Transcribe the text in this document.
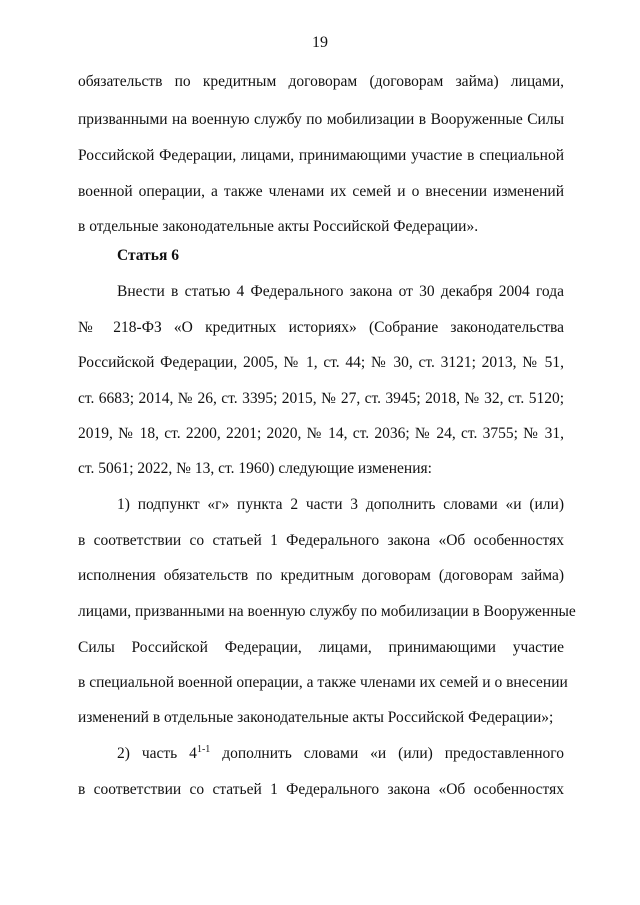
19
обязательств по кредитным договорам (договорам займа) лицами,
призванными на военную службу по мобилизации в Вооруженные Силы
Российской Федерации, лицами, принимающими участие в специальной
военной операции, а также членами их семей и о внесении изменений
в отдельные законодательные акты Российской Федерации».
Статья 6
Внести в статью 4 Федерального закона от 30 декабря 2004 года
№ 218-ФЗ «О кредитных историях» (Собрание законодательства
Российской Федерации, 2005, № 1, ст. 44; № 30, ст. 3121; 2013, № 51,
ст. 6683; 2014, № 26, ст. 3395; 2015, № 27, ст. 3945; 2018, № 32, ст. 5120;
2019, № 18, ст. 2200, 2201; 2020, № 14, ст. 2036; № 24, ст. 3755; № 31,
ст. 5061; 2022, № 13, ст. 1960) следующие изменения:
1) подпункт «г» пункта 2 части 3 дополнить словами «и (или)
в соответствии со статьей 1 Федерального закона «Об особенностях
исполнения обязательств по кредитным договорам (договорам займа)
лицами, призванными на военную службу по мобилизации в Вооруженные
Силы Российской Федерации, лицами, принимающими участие
в специальной военной операции, а также членами их семей и о внесении
изменений в отдельные законодательные акты Российской Федерации»;
2) часть 4$^{1-1}$ дополнить словами «и (или) предоставленного
в соответствии со статьей 1 Федерального закона «Об особенностях
